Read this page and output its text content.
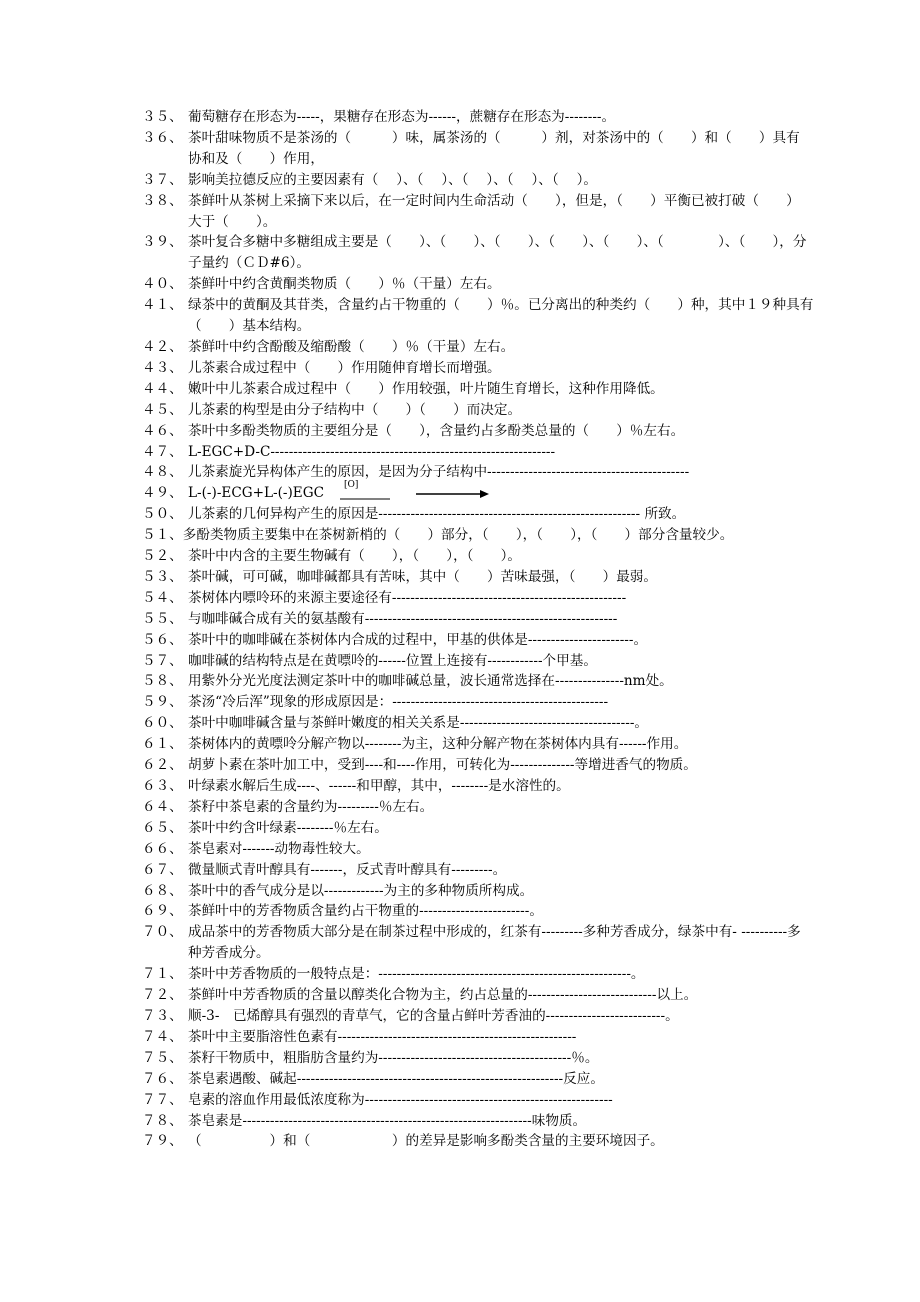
３５、 葡萄糖存在形态为-----，果糖存在形态为------，蔗糖存在形态为--------。
３６、 茶叶甜味物质不是茶汤的（　　　）味，属茶汤的（　　　）剂，对茶汤中的（　　）和（　　）具有协和及（　　）作用，
３７、 影响美拉德反应的主要因素有（　 ）、（　 ）、（　 ）、（　 ）、（　 ）。
３８、 茶鲜叶从茶树上采摘下来以后，在一定时间内生命活动（　　），但是，（　　）平衡已被打破（　　）大于（　　）。
３９、 茶叶复合多糖中多糖组成主要是（　　）、（　　）、（　　）、（　　）、（　　）、（　　　　）、（　　），分子量约（ＣＤ#6）。
４０、 茶鲜叶中约含黄酮类物质（　　）％（干量）左右。
４１、 绿茶中的黄酮及其苷类，含量约占干物重的（　　）％。已分离出的种类约（　　）种，其中１９种具有（　　）基本结构。
４２、 茶鲜叶中约含酚酸及缩酚酸（　　）％（干量）左右。
４３、 儿茶素合成过程中（　　）作用随伸育增长而增强。
４４、 嫩叶中儿茶素合成过程中（　　）作用较强，叶片随生育增长，这种作用降低。
４５、 儿茶素的构型是由分子结构中（　　）（　　）而决定。
４６、 茶叶中多酚类物质的主要组分是（　　），含量约占多酚类总量的（　　）％左右。
４７、 L-EGC+D-C--------------------------------------------------------------
４８、 儿茶素旋光异构体产生的原因，是因为分子结构中--------------------------------------------
４９、 L-(-)-ECG+L-(-)EGC [O]
５０、 儿茶素的几何异构产生的原因是--------------------------------------------------------- 所致。
５１、多酚类物质主要集中在茶树新梢的（　　）部分，（　　），（　　），（　　）部分含量较少。
５２、 茶叶中内含的主要生物碱有（　　），（　　），（　　）。
５３、 茶叶碱，可可碱，咖啡碱都具有苦味，其中（　　）苦味最强，（　　）最弱。
５４、 茶树体内嘌呤环的来源主要途径有---------------------------------------------------
５５、 与咖啡碱合成有关的氨基酸有-------------------------------------------------------
５６、 茶叶中的咖啡碱在茶树体内合成的过程中，甲基的供体是-----------------------。
５７、 咖啡碱的结构特点是在黄嘌呤的------位置上连接有------------个甲基。
５８、 用紫外分光光度法测定茶叶中的咖啡碱总量，波长通常选择在---------------nm处。
５９、 茶汤“冷后浑”现象的形成原因是：-----------------------------------------------
６０、 茶叶中咖啡碱含量与茶鲜叶嫩度的相关关系是--------------------------------------。
６１、 茶树体内的黄嘌呤分解产物以--------为主，这种分解产物在茶树体内具有------作用。
６２、 胡萝卜素在茶叶加工中，受到----和----作用，可转化为--------------等增进香气的物质。
６３、 叶绿素水解后生成----、------和甲醇，其中，--------是水溶性的。
６４、 茶籽中茶皂素的含量约为---------％左右。
６５、 茶叶中约含叶绿素--------％左右。
６６、 茶皂素对-------动物毒性较大。
６７、 微量顺式青叶醇具有-------，反式青叶醇具有---------。
６８、 茶叶中的香气成分是以-------------为主的多种物质所构成。
６９、 茶鲜叶中的芳香物质含量约占干物重的------------------------。
７０、 成品茶中的芳香物质大部分是在制茶过程中形成的，红茶有---------多种芳香成分，绿茶中有- ----------多种芳香成分。
７１、 茶叶中芳香物质的一般特点是：-------------------------------------------------------。
７２、 茶鲜叶中芳香物质的含量以醇类化合物为主，约占总量的----------------------------以上。
７３、 顺-3-　已烯醇具有强烈的青草气，它的含量占鲜叶芳香油的--------------------------。
７４、 茶叶中主要脂溶性色素有----------------------------------------------------
７５、 茶籽干物质中，粗脂肪含量约为------------------------------------------％。
７６、 茶皂素遇酸、碱起----------------------------------------------------------反应。
７７、 皂素的溶血作用最低浓度称为------------------------------------------------------
７８、 茶皂素是---------------------------------------------------------------味物质。
７９、 （　　　　　）和（　　　　　　）的差异是影响多酚类含量的主要环境因子。
